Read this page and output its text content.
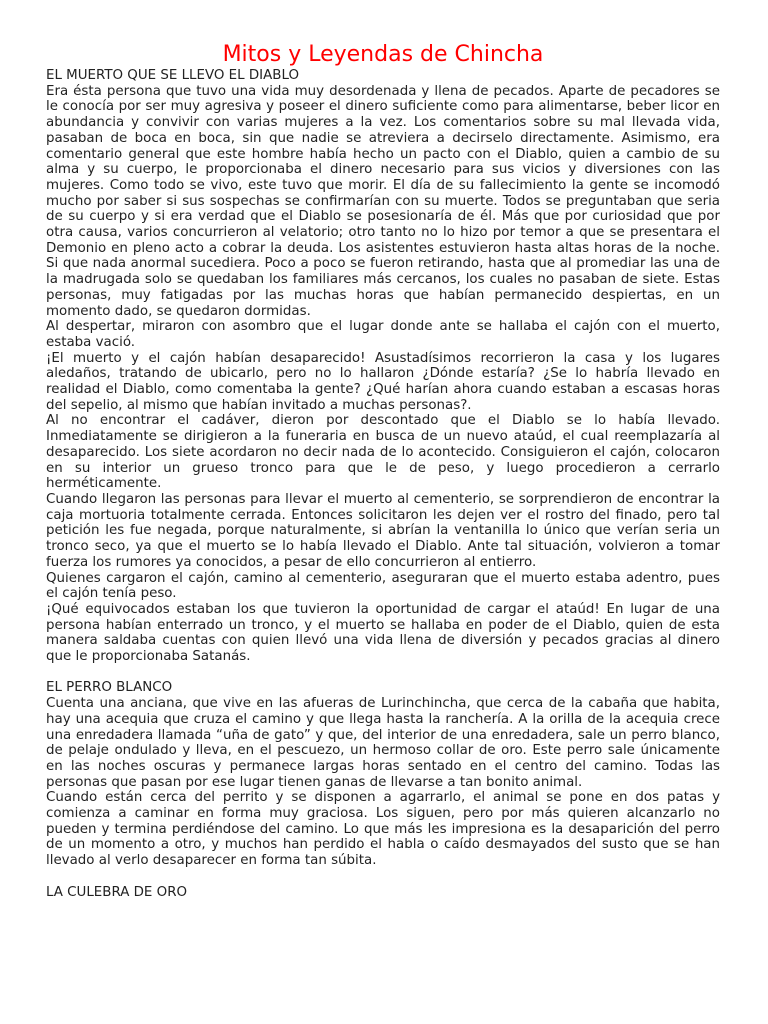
Mitos y Leyendas de Chincha
EL MUERTO QUE SE LLEVO EL DIABLO

Era ésta persona que tuvo una vida muy desordenada y llena de pecados. Aparte de pecadores se le conocía por ser muy agresiva y poseer el dinero suficiente como para alimentarse, beber licor en abundancia y convivir con varias mujeres a la vez. Los comentarios sobre su mal llevada vida, pasaban de boca en boca, sin que nadie se atreviera a decirselo directamente. Asimismo, era comentario general que este hombre había hecho un pacto con el Diablo, quien a cambio de su alma y su cuerpo, le proporcionaba el dinero necesario para sus vicios y diversiones con las mujeres. Como todo se vivo, este tuvo que morir. El día de su fallecimiento la gente se incomodó mucho por saber si sus sospechas se confirmarían con su muerte. Todos se preguntaban que seria de su cuerpo y si era verdad que el Diablo se posesionaría de él. Más que por curiosidad que por otra causa, varios concurrieron al velatorio; otro tanto no lo hizo por temor a que se presentara el Demonio en pleno acto a cobrar la deuda. Los asistentes estuvieron hasta altas horas de la noche. Si que nada anormal sucediera. Poco a poco se fueron retirando, hasta que al promediar las una de la madrugada solo se quedaban los familiares más cercanos, los cuales no pasaban de siete. Estas personas, muy fatigadas por las muchas horas que habían permanecido despiertas, en un momento dado, se quedaron dormidas.

Al despertar, miraron con asombro que el lugar donde ante se hallaba el cajón con el muerto, estaba vació.

¡El muerto y el cajón habían desaparecido! Asustadísimos recorrieron la casa y los lugares aledaños, tratando de ubicarlo, pero no lo hallaron ¿Dónde estaría? ¿Se lo habría llevado en realidad el Diablo, como comentaba la gente? ¿Qué harían ahora cuando estaban a escasas horas del sepelio, al mismo que habían invitado a muchas personas?.

Al no encontrar el cadáver, dieron por descontado que el Diablo se lo había llevado. Inmediatamente se dirigieron a la funeraria en busca de un nuevo ataúd, el cual reemplazaría al desaparecido. Los siete acordaron no decir nada de lo acontecido. Consiguieron el cajón, colocaron en su interior un grueso tronco para que le de peso, y luego procedieron a cerrarlo herméticamente.

Cuando llegaron las personas para llevar el muerto al cementerio, se sorprendieron de encontrar la caja mortuoria totalmente cerrada. Entonces solicitaron les dejen ver el rostro del finado, pero tal petición les fue negada, porque naturalmente, si abrían la ventanilla lo único que verían seria un tronco seco, ya que el muerto se lo había llevado el Diablo. Ante tal situación, volvieron a tomar fuerza los rumores ya conocidos, a pesar de ello concurrieron al entierro.

Quienes cargaron el cajón, camino al cementerio, aseguraran que el muerto estaba adentro, pues el cajón tenía peso.

¡Qué equivocados estaban los que tuvieron la oportunidad de cargar el ataúd! En lugar de una persona habían enterrado un tronco, y el muerto se hallaba en poder de el Diablo, quien de esta manera saldaba cuentas con quien llevó una vida llena de diversión y pecados gracias al dinero que le proporcionaba Satanás.

EL PERRO BLANCO

Cuenta una anciana, que vive en las afueras de Lurinchincha, que cerca de la cabaña que habita, hay una acequia que cruza el camino y que llega hasta la ranchería. A la orilla de la acequia crece una enredadera llamada “uña de gato” y que, del interior de una enredadera, sale un perro blanco, de pelaje ondulado y lleva, en el pescuezo, un hermoso collar de oro. Este perro sale únicamente en las noches oscuras y permanece largas horas sentado en el centro del camino. Todas las personas que pasan por ese lugar tienen ganas de llevarse a tan bonito animal.

Cuando están cerca del perrito y se disponen a agarrarlo, el animal se pone en dos patas y comienza a caminar en forma muy graciosa. Los siguen, pero por más quieren alcanzarlo no pueden y termina perdiéndose del camino. Lo que más les impresiona es la desaparición del perro de un momento a otro, y muchos han perdido el habla o caído desmayados del susto que se han llevado al verlo desaparecer en forma tan súbita.

LA CULEBRA DE ORO
